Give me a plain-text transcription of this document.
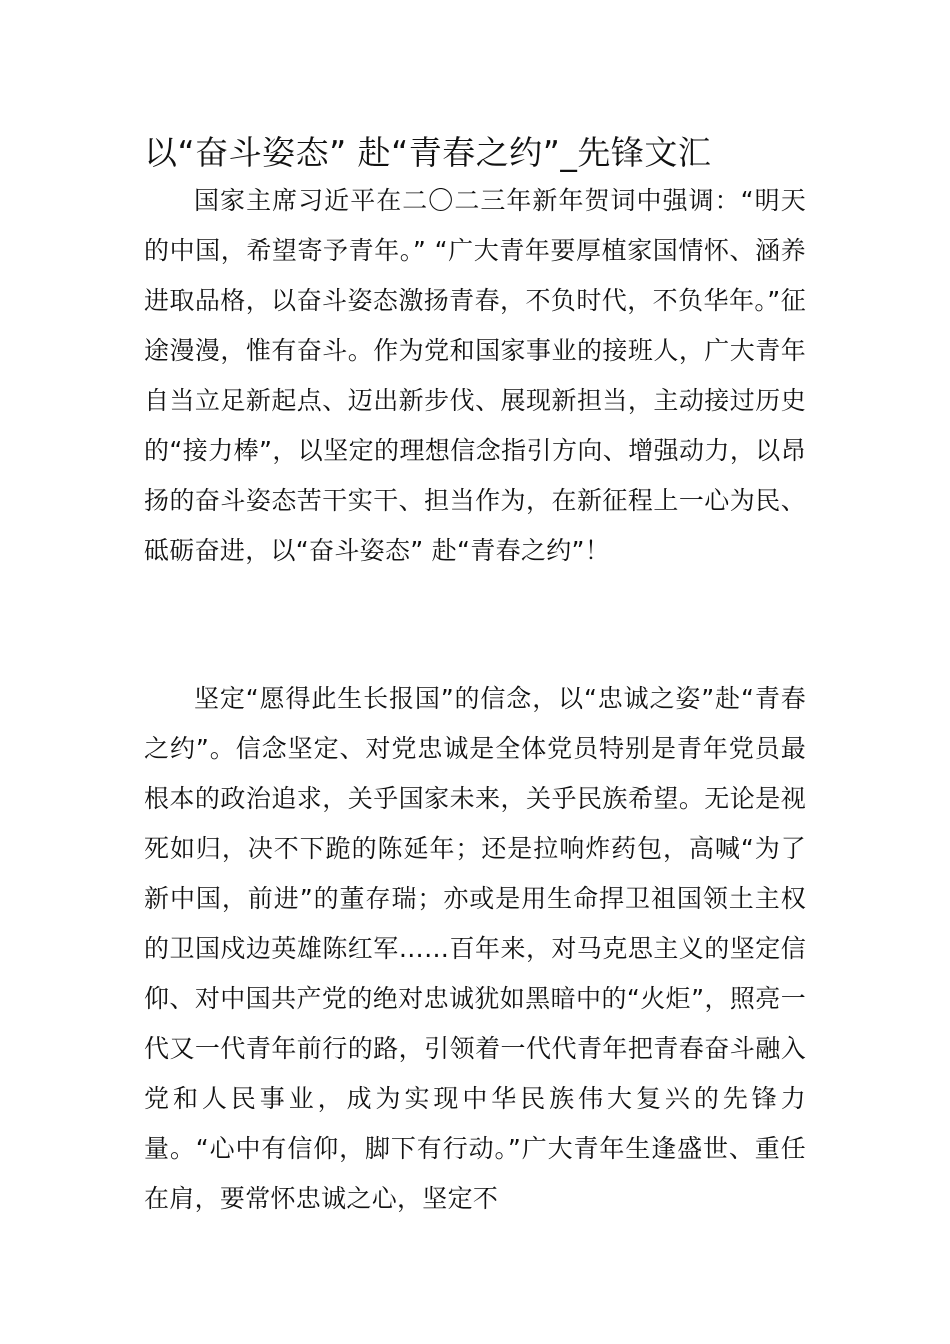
以“奋斗姿态” 赴“青春之约”_先锋文汇

国家主席习近平在二〇二三年新年贺词中强调：“明天的中国，希望寄予青年。” “广大青年要厚植家国情怀、涵养进取品格，以奋斗姿态激扬青春，不负时代，不负华年。”征途漫漫，惟有奋斗。作为党和国家事业的接班人，广大青年自当立足新起点、迈出新步伐、展现新担当，主动接过历史的“接力棒”，以坚定的理想信念指引方向、增强动力，以昂扬的奋斗姿态苦干实干、担当作为，在新征程上一心为民、砥砺奋进，以“奋斗姿态” 赴“青春之约”！

坚定“愿得此生长报国”的信念，以“忠诚之姿”赴“青春之约”。信念坚定、对党忠诚是全体党员特别是青年党员最根本的政治追求，关乎国家未来，关乎民族希望。无论是视死如归，决不下跪的陈延年；还是拉响炸药包，高喊“为了新中国，前进”的董存瑞；亦或是用生命捍卫祖国领土主权的卫国戍边英雄陈红军……百年来，对马克思主义的坚定信仰、对中国共产党的绝对忠诚犹如黑暗中的“火炬”，照亮一代又一代青年前行的路，引领着一代代青年把青春奋斗融入党和人民事业，成为实现中华民族伟大复兴的先锋力量。“心中有信仰，脚下有行动。”广大青年生逢盛世、重任在肩，要常怀忠诚之心，坚定不
